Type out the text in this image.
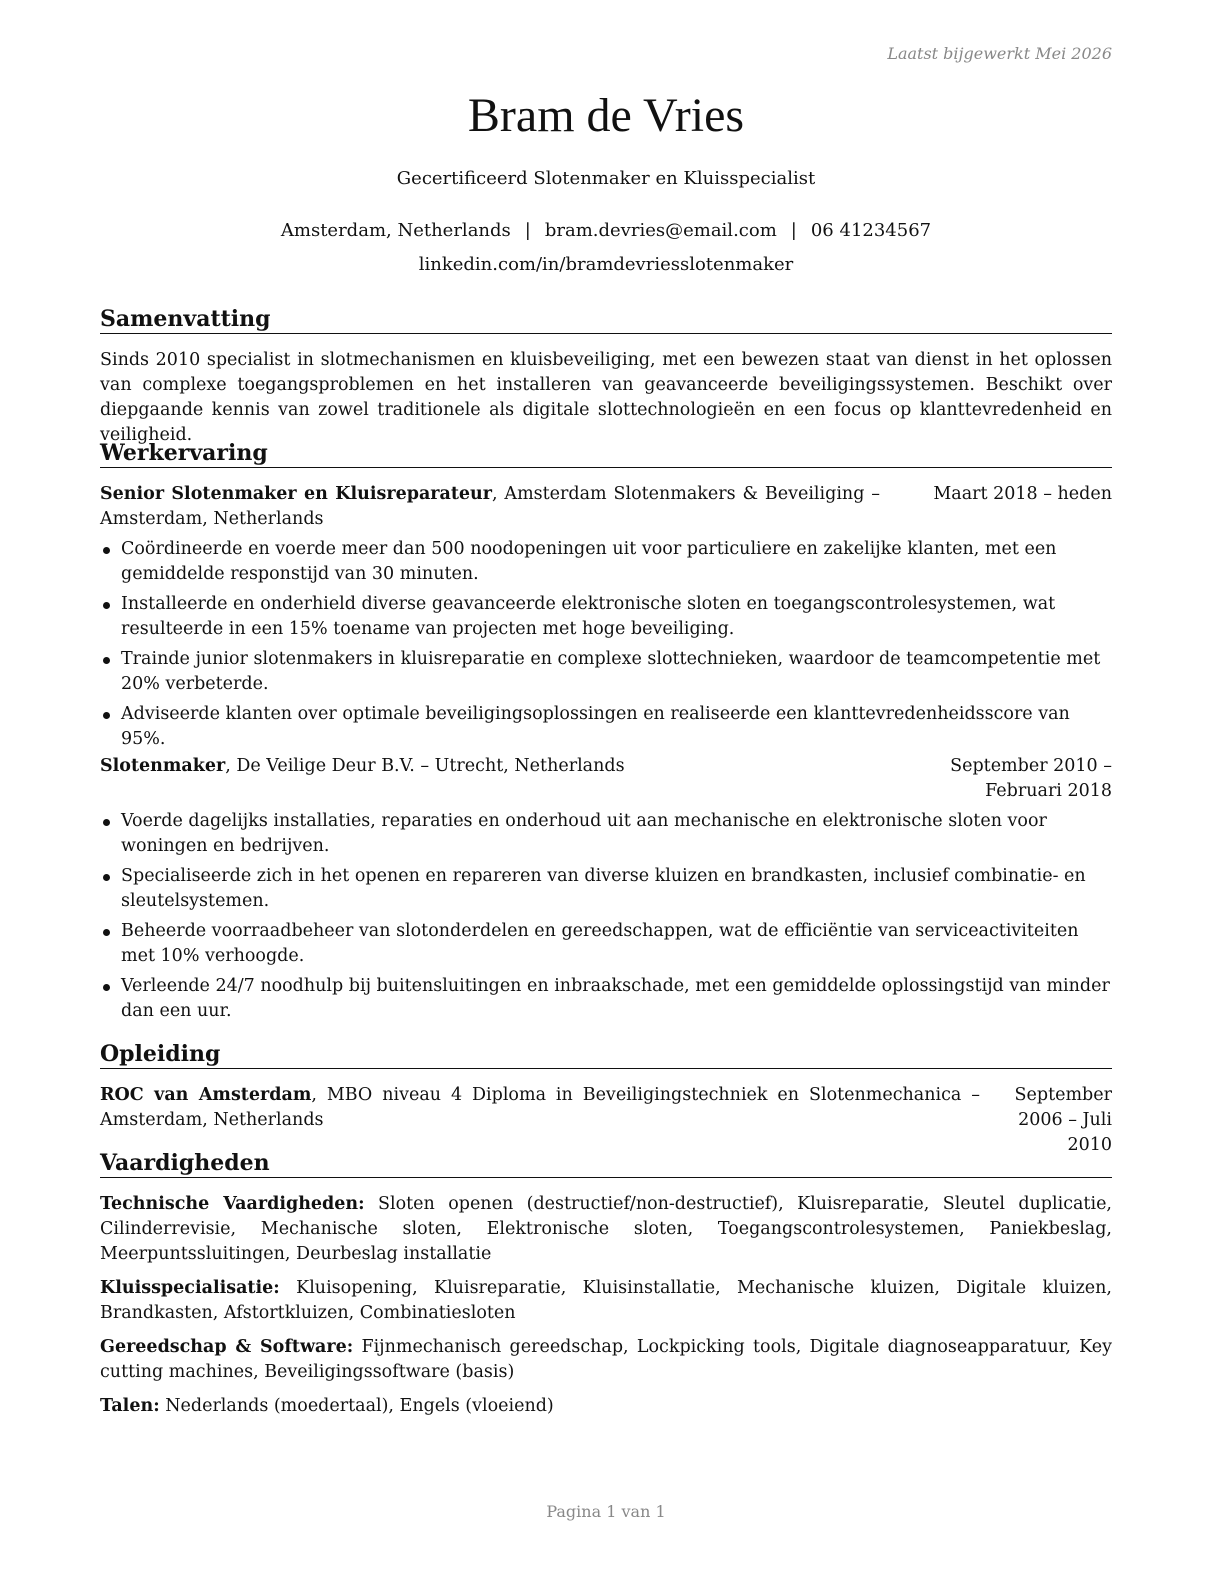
Laatst bijgewerkt Mei 2026
Bram de Vries
Gecertificeerd Slotenmaker en Kluisspecialist
Amsterdam, Netherlands | bram.devries@email.com | 06 41234567
linkedin.com/in/bramdevriesslotenmaker
Samenvatting
Sinds 2010 specialist in slotmechanismen en kluisbeveiliging, met een bewezen staat van dienst in het oplossen van complexe toegangsproblemen en het installeren van geavanceerde beveiligingssystemen. Beschikt over diepgaande kennis van zowel traditionele als digitale slottechnologieën en een focus op klanttevredenheid en veiligheid.
Werkervaring
Senior Slotenmaker en Kluisreparateur, Amsterdam Slotenmakers & Beveiliging – Amsterdam, Netherlands
Maart 2018 – heden
Coördineerde en voerde meer dan 500 noodopeningen uit voor particuliere en zakelijke klanten, met een gemiddelde responstijd van 30 minuten.
Installeerde en onderhield diverse geavanceerde elektronische sloten en toegangscontrolesystemen, wat resulteerde in een 15% toename van projecten met hoge beveiliging.
Trainde junior slotenmakers in kluisreparatie en complexe slottechnieken, waardoor de teamcompetentie met 20% verbeterde.
Adviseerde klanten over optimale beveiligingsoplossingen en realiseerde een klanttevredenheidsscore van 95%.
Slotenmaker, De Veilige Deur B.V. – Utrecht, Netherlands	September 2010 – Februari 2018
Voerde dagelijks installaties, reparaties en onderhoud uit aan mechanische en elektronische sloten voor woningen en bedrijven.
Specialiseerde zich in het openen en repareren van diverse kluizen en brandkasten, inclusief combinatie- en sleutelsystemen.
Beheerde voorraadbeheer van slotonderdelen en gereedschappen, wat de efficiëntie van serviceactiviteiten met 10% verhoogde.
Verleende 24/7 noodhulp bij buitensluitingen en inbraakschade, met een gemiddelde oplossingstijd van minder dan een uur.
Opleiding
ROC van Amsterdam, MBO niveau 4 Diploma in Beveiligingstechniek en Slotenmechanica – Amsterdam, Netherlands
September 2006 – Juli 2010
Vaardigheden
Technische Vaardigheden: Sloten openen (destructief/non-destructief), Kluisreparatie, Sleutel duplicatie, Cilinderrevisie, Mechanische sloten, Elektronische sloten, Toegangscontrolesystemen, Paniekbeslag, Meerpuntssluitingen, Deurbeslag installatie
Kluisspecialisatie: Kluisopening, Kluisreparatie, Kluisinstallatie, Mechanische kluizen, Digitale kluizen, Brandkasten, Afstortkluizen, Combinatiesloten
Gereedschap & Software: Fijnmechanisch gereedschap, Lockpicking tools, Digitale diagnoseapparatuur, Key cutting machines, Beveiligingssoftware (basis)
Talen: Nederlands (moedertaal), Engels (vloeiend)
Pagina 1 van 1
